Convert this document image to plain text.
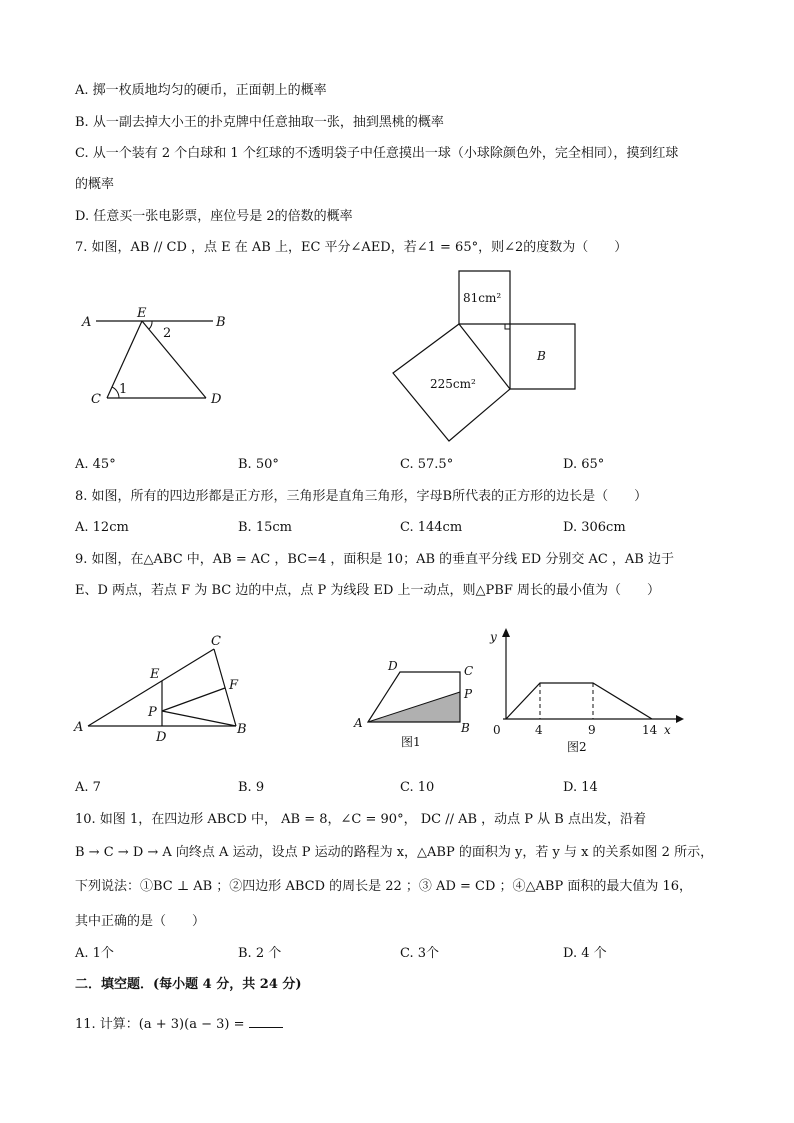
A. 掷一枚质地均匀的硬币，正面朝上的概率
B. 从一副去掉大小王的扑克牌中任意抽取一张，抽到黑桃的概率
C. 从一个装有 2 个白球和 1 个红球的不透明袋子中任意摸出一球（小球除颜色外，完全相同），摸到红球
的概率
D. 任意买一张电影票，座位号是 2的倍数的概率
7. 如图，AB // CD ，点 E 在 AB 上，EC 平分∠AED，若∠1 = 65°，则∠2的度数为（　　）
A
E
B
2
1
C	D
81cm²
225cm²
B
A. 45°	B. 50°	C. 57.5°	D. 65°
8. 如图，所有的四边形都是正方形，三角形是直角三角形，字母B所代表的正方形的边长是（　　）
A. 12cm	B. 15cm	C. 144cm	D. 306cm
9. 如图，在△ABC 中，AB = AC ，BC=4 ，面积是 10；AB 的垂直平分线 ED 分别交 AC ，AB 边于
E、D 两点，若点 F 为 BC 边的中点，点 P 为线段 ED 上一动点，则△PBF 周长的最小值为（　　）
C
E
F
P
A
D
B
D	C
P
A	B
图1
y
x
0	4	9	14
图2
A. 7	B. 9	C. 10	D. 14
10. 如图 1，在四边形 ABCD 中， AB = 8，∠C = 90°， DC // AB ，动点 P 从 B 点出发，沿着
B → C → D → A 向终点 A 运动，设点 P 运动的路程为 x，△ABP 的面积为 y，若 y 与 x 的关系如图 2 所示，
下列说法：①BC ⊥ AB ；②四边形 ABCD 的周长是 22 ；③ AD = CD ；④△ABP 面积的最大值为 16，
其中正确的是（　　）
A. 1个	B. 2 个	C. 3个	D. 4 个
二．填空题．(每小题 4 分，共 24 分)
11. 计算：(a + 3)(a − 3) =
